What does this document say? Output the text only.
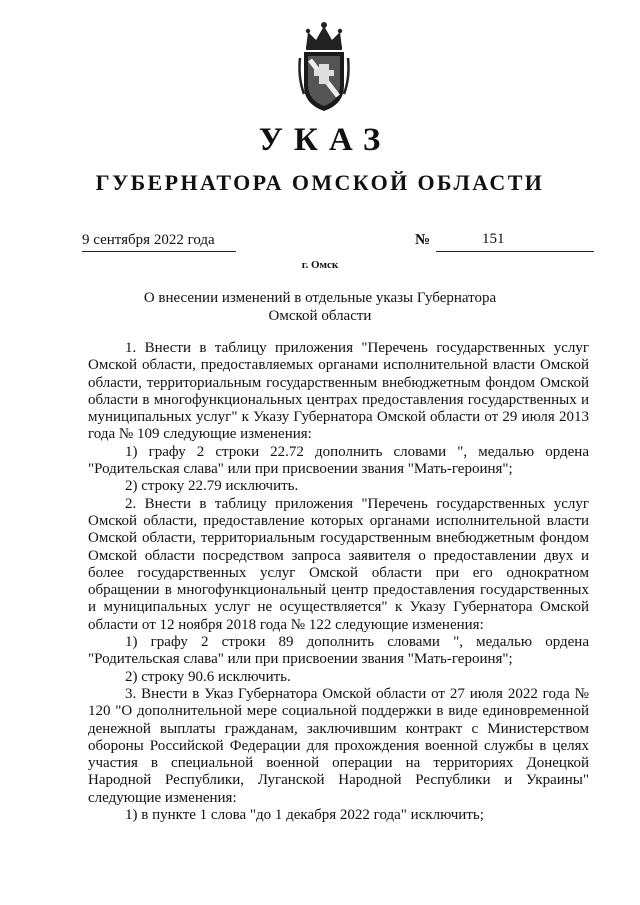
УКАЗ
ГУБЕРНАТОРА ОМСКОЙ ОБЛАСТИ
9 сентября 2022 года	№	151
г. Омск
О внесении изменений в отдельные указы Губернатора
Омской области

1. Внести в таблицу приложения "Перечень государственных услуг Омской области, предоставляемых органами исполнительной власти Омской области, территориальным государственным внебюджетным фондом Омской области в многофункциональных центрах предоставления государственных и муниципальных услуг" к Указу Губернатора Омской области от 29 июля 2013 года № 109 следующие изменения:

1) графу 2 строки 22.72 дополнить словами ", медалью ордена "Родительская слава" или при присвоении звания "Мать-героиня";

2) строку 22.79 исключить.

2. Внести в таблицу приложения "Перечень государственных услуг Омской области, предоставление которых органами исполнительной власти Омской области, территориальным государственным внебюджетным фондом Омской области посредством запроса заявителя о предоставлении двух и более государственных услуг Омской области при его однократном обращении в многофункциональный центр предоставления государственных и муниципальных услуг не осуществляется" к Указу Губернатора Омской области от 12 ноября 2018 года № 122 следующие изменения:

1) графу 2 строки 89 дополнить словами ", медалью ордена "Родительская слава" или при присвоении звания "Мать-героиня";

2) строку 90.6 исключить.

3. Внести в Указ Губернатора Омской области от 27 июля 2022 года № 120 "О дополнительной мере социальной поддержки в виде единовременной денежной выплаты гражданам, заключившим контракт с Министерством обороны Российской Федерации для прохождения военной службы в целях участия в специальной военной операции на территориях Донецкой Народной Республики, Луганской Народной Республики и Украины" следующие изменения:

1) в пункте 1 слова "до 1 декабря 2022 года" исключить;
